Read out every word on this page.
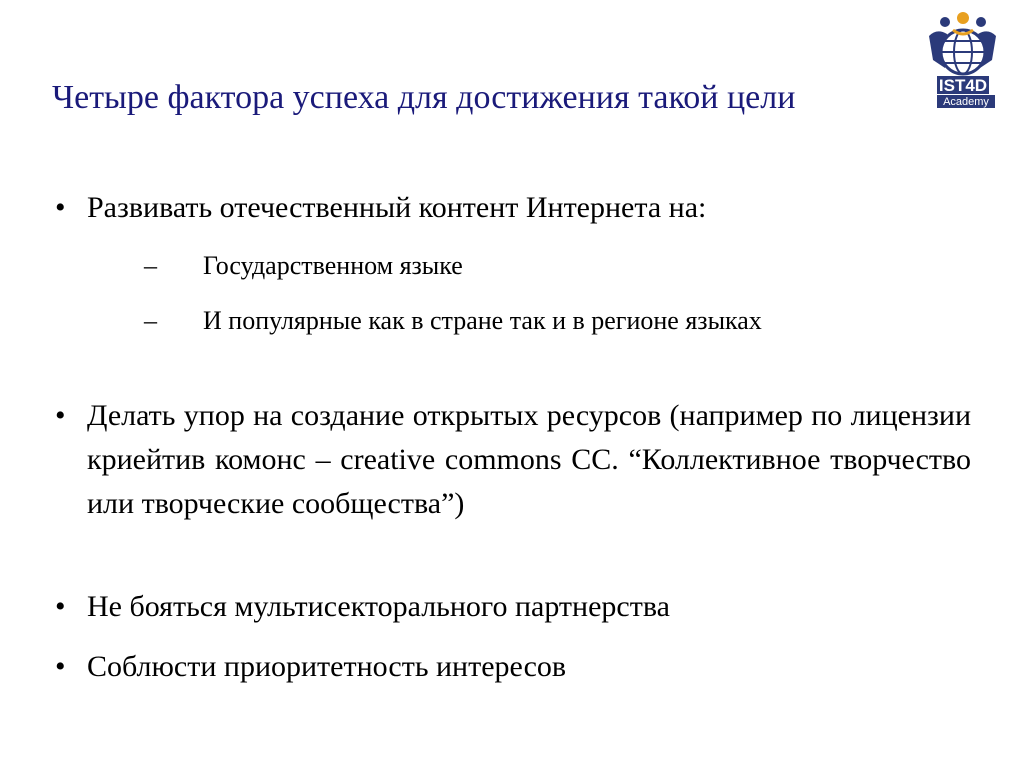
Четыре фактора успеха для достижения такой цели	IST4D
Academy
• Развивать отечественный контент Интернета на:
– Государственном языке
– И популярные как в стране так и в регионе языках
• Делать упор на создание открытых ресурсов (например по лицензии криейтив комонс – creative commons CC. “Коллективное творчество или творческие сообщества”)
• Не бояться мультисекторального партнерства
• Соблюсти приоритетность интересов
